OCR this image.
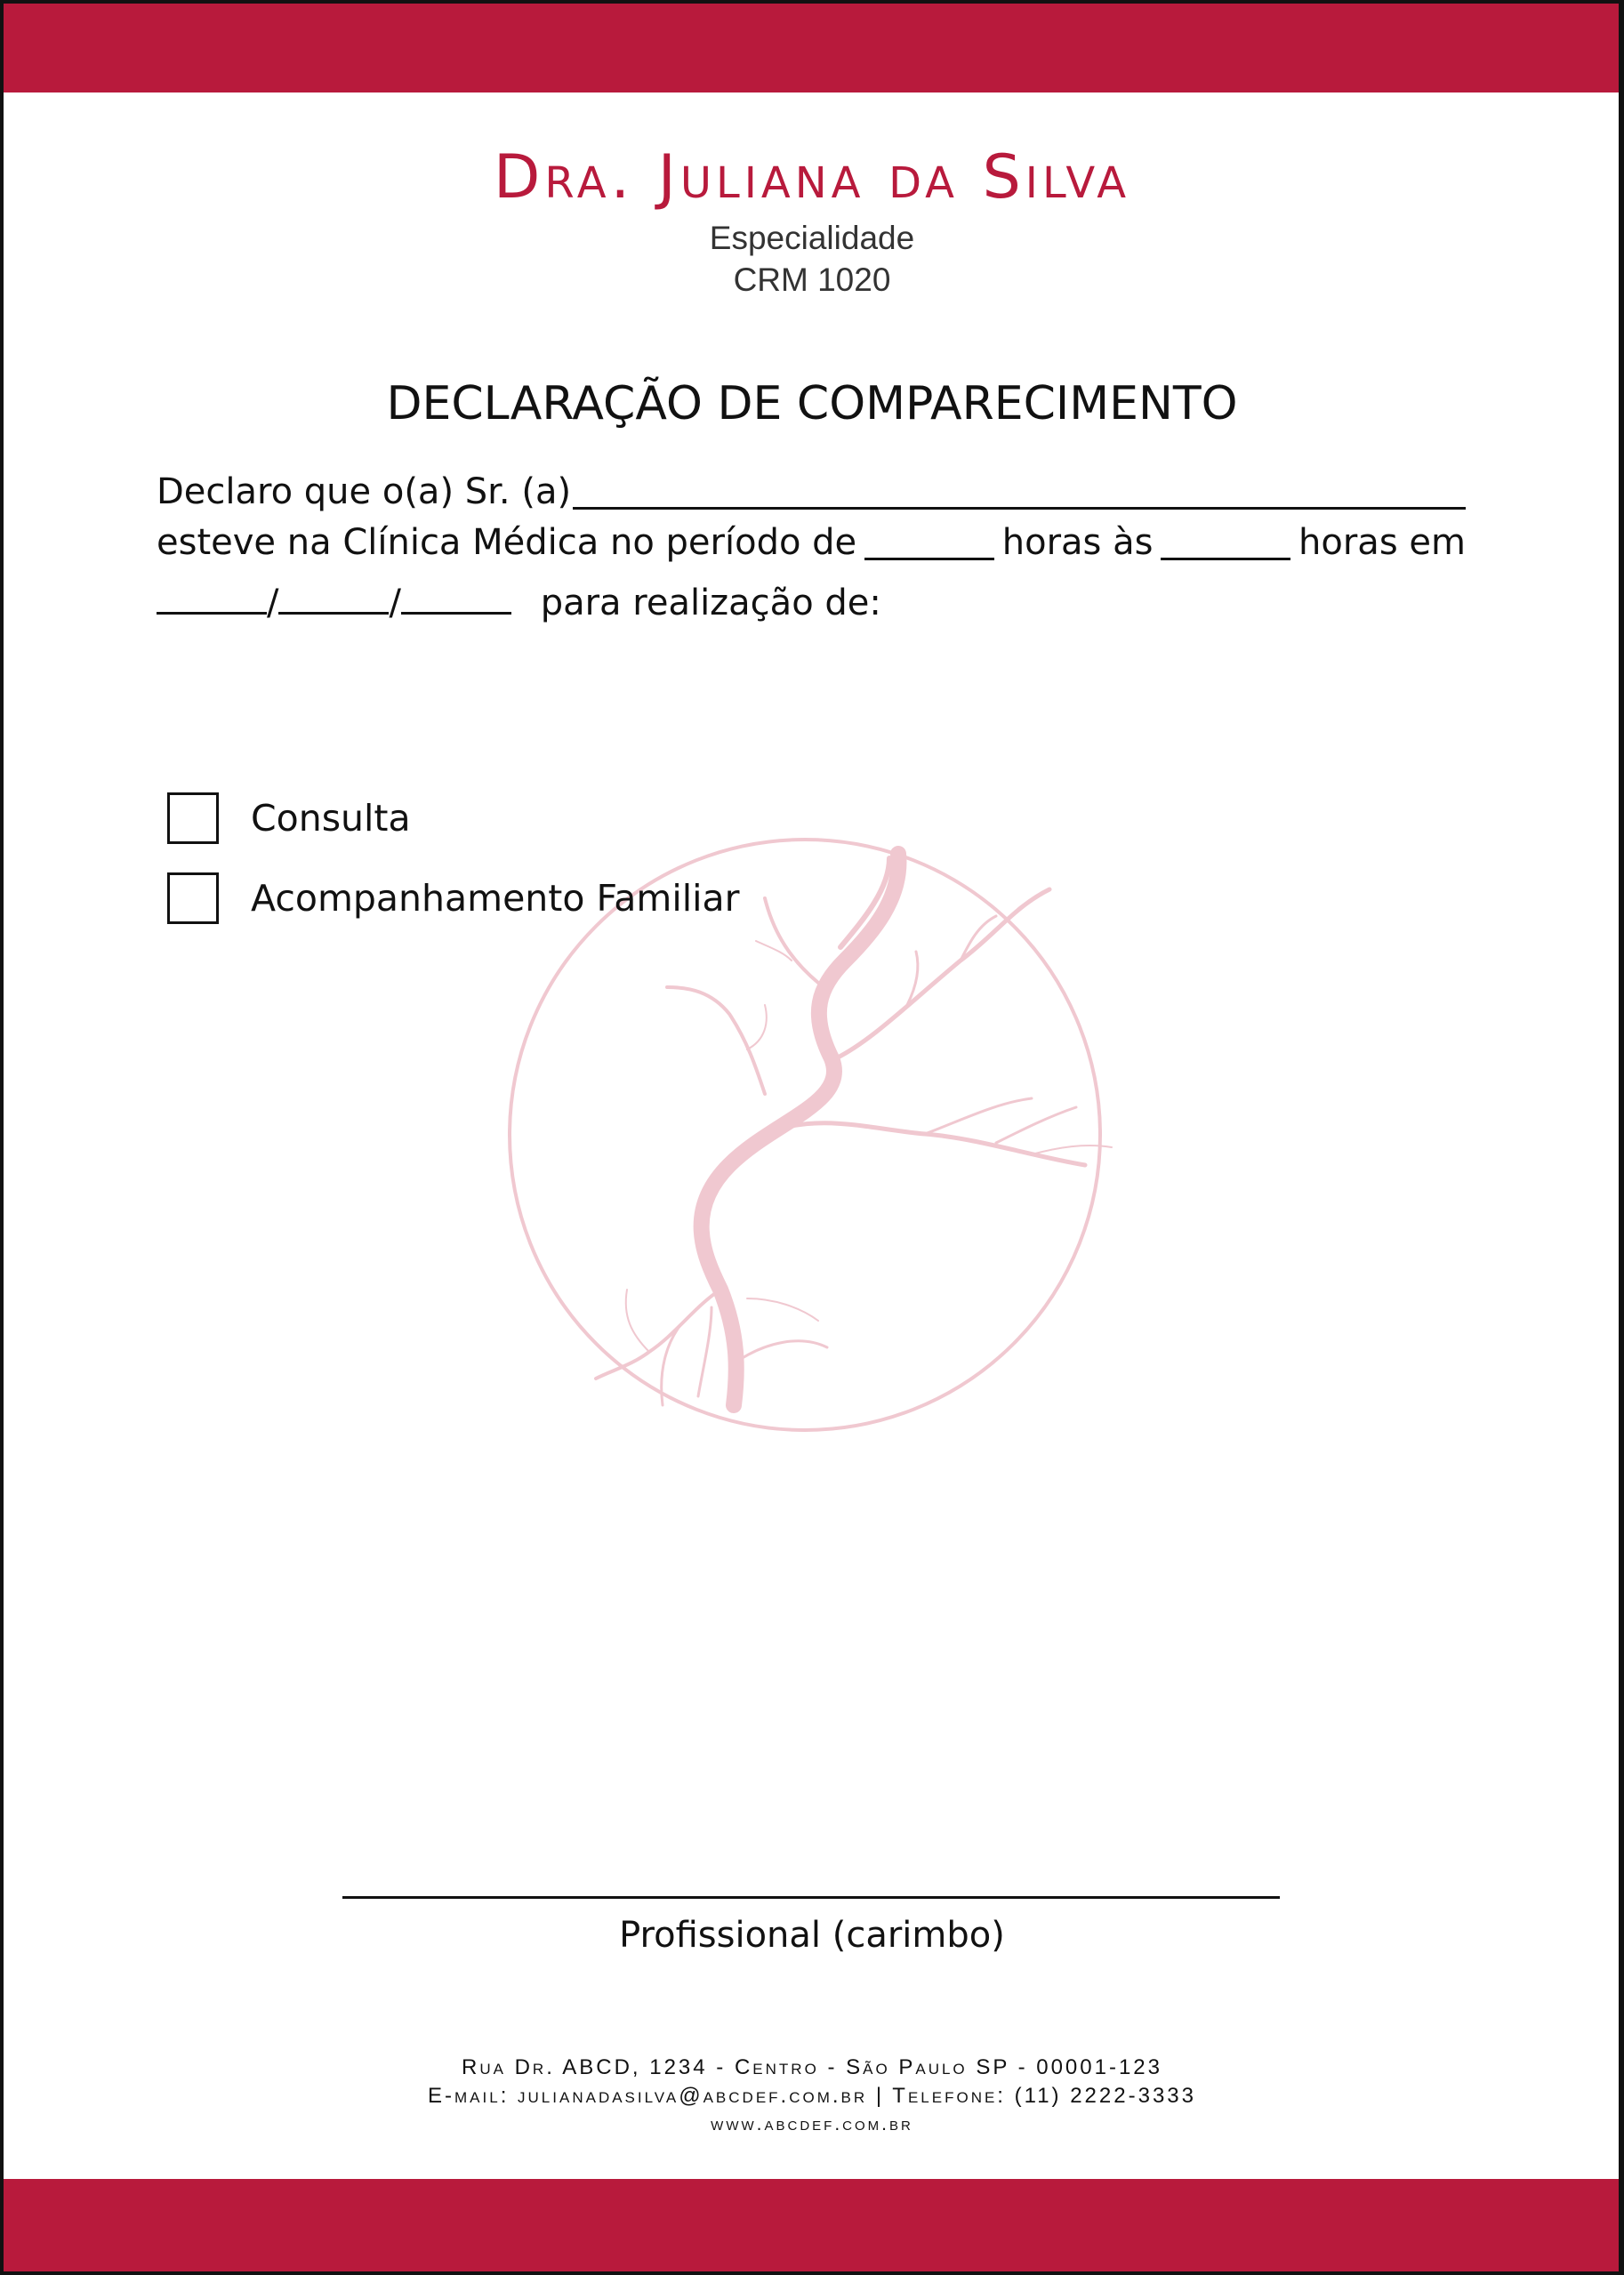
Dra. Juliana da Silva
Especialidade
CRM 1020
DECLARAÇÃO DE COMPARECIMENTO
Declaro que o(a) Sr. (a)
esteve na Clínica Médica no período de	horas às	horas em
/	/	para realização de:
Consulta
Acompanhamento Familiar
Profissional (carimbo)
Rua Dr. ABCD, 1234 - Centro - São Paulo SP - 00001-123
E-mail: julianadasilva@abcdef.com.br | Telefone: (11) 2222-3333
www.abcdef.com.br
